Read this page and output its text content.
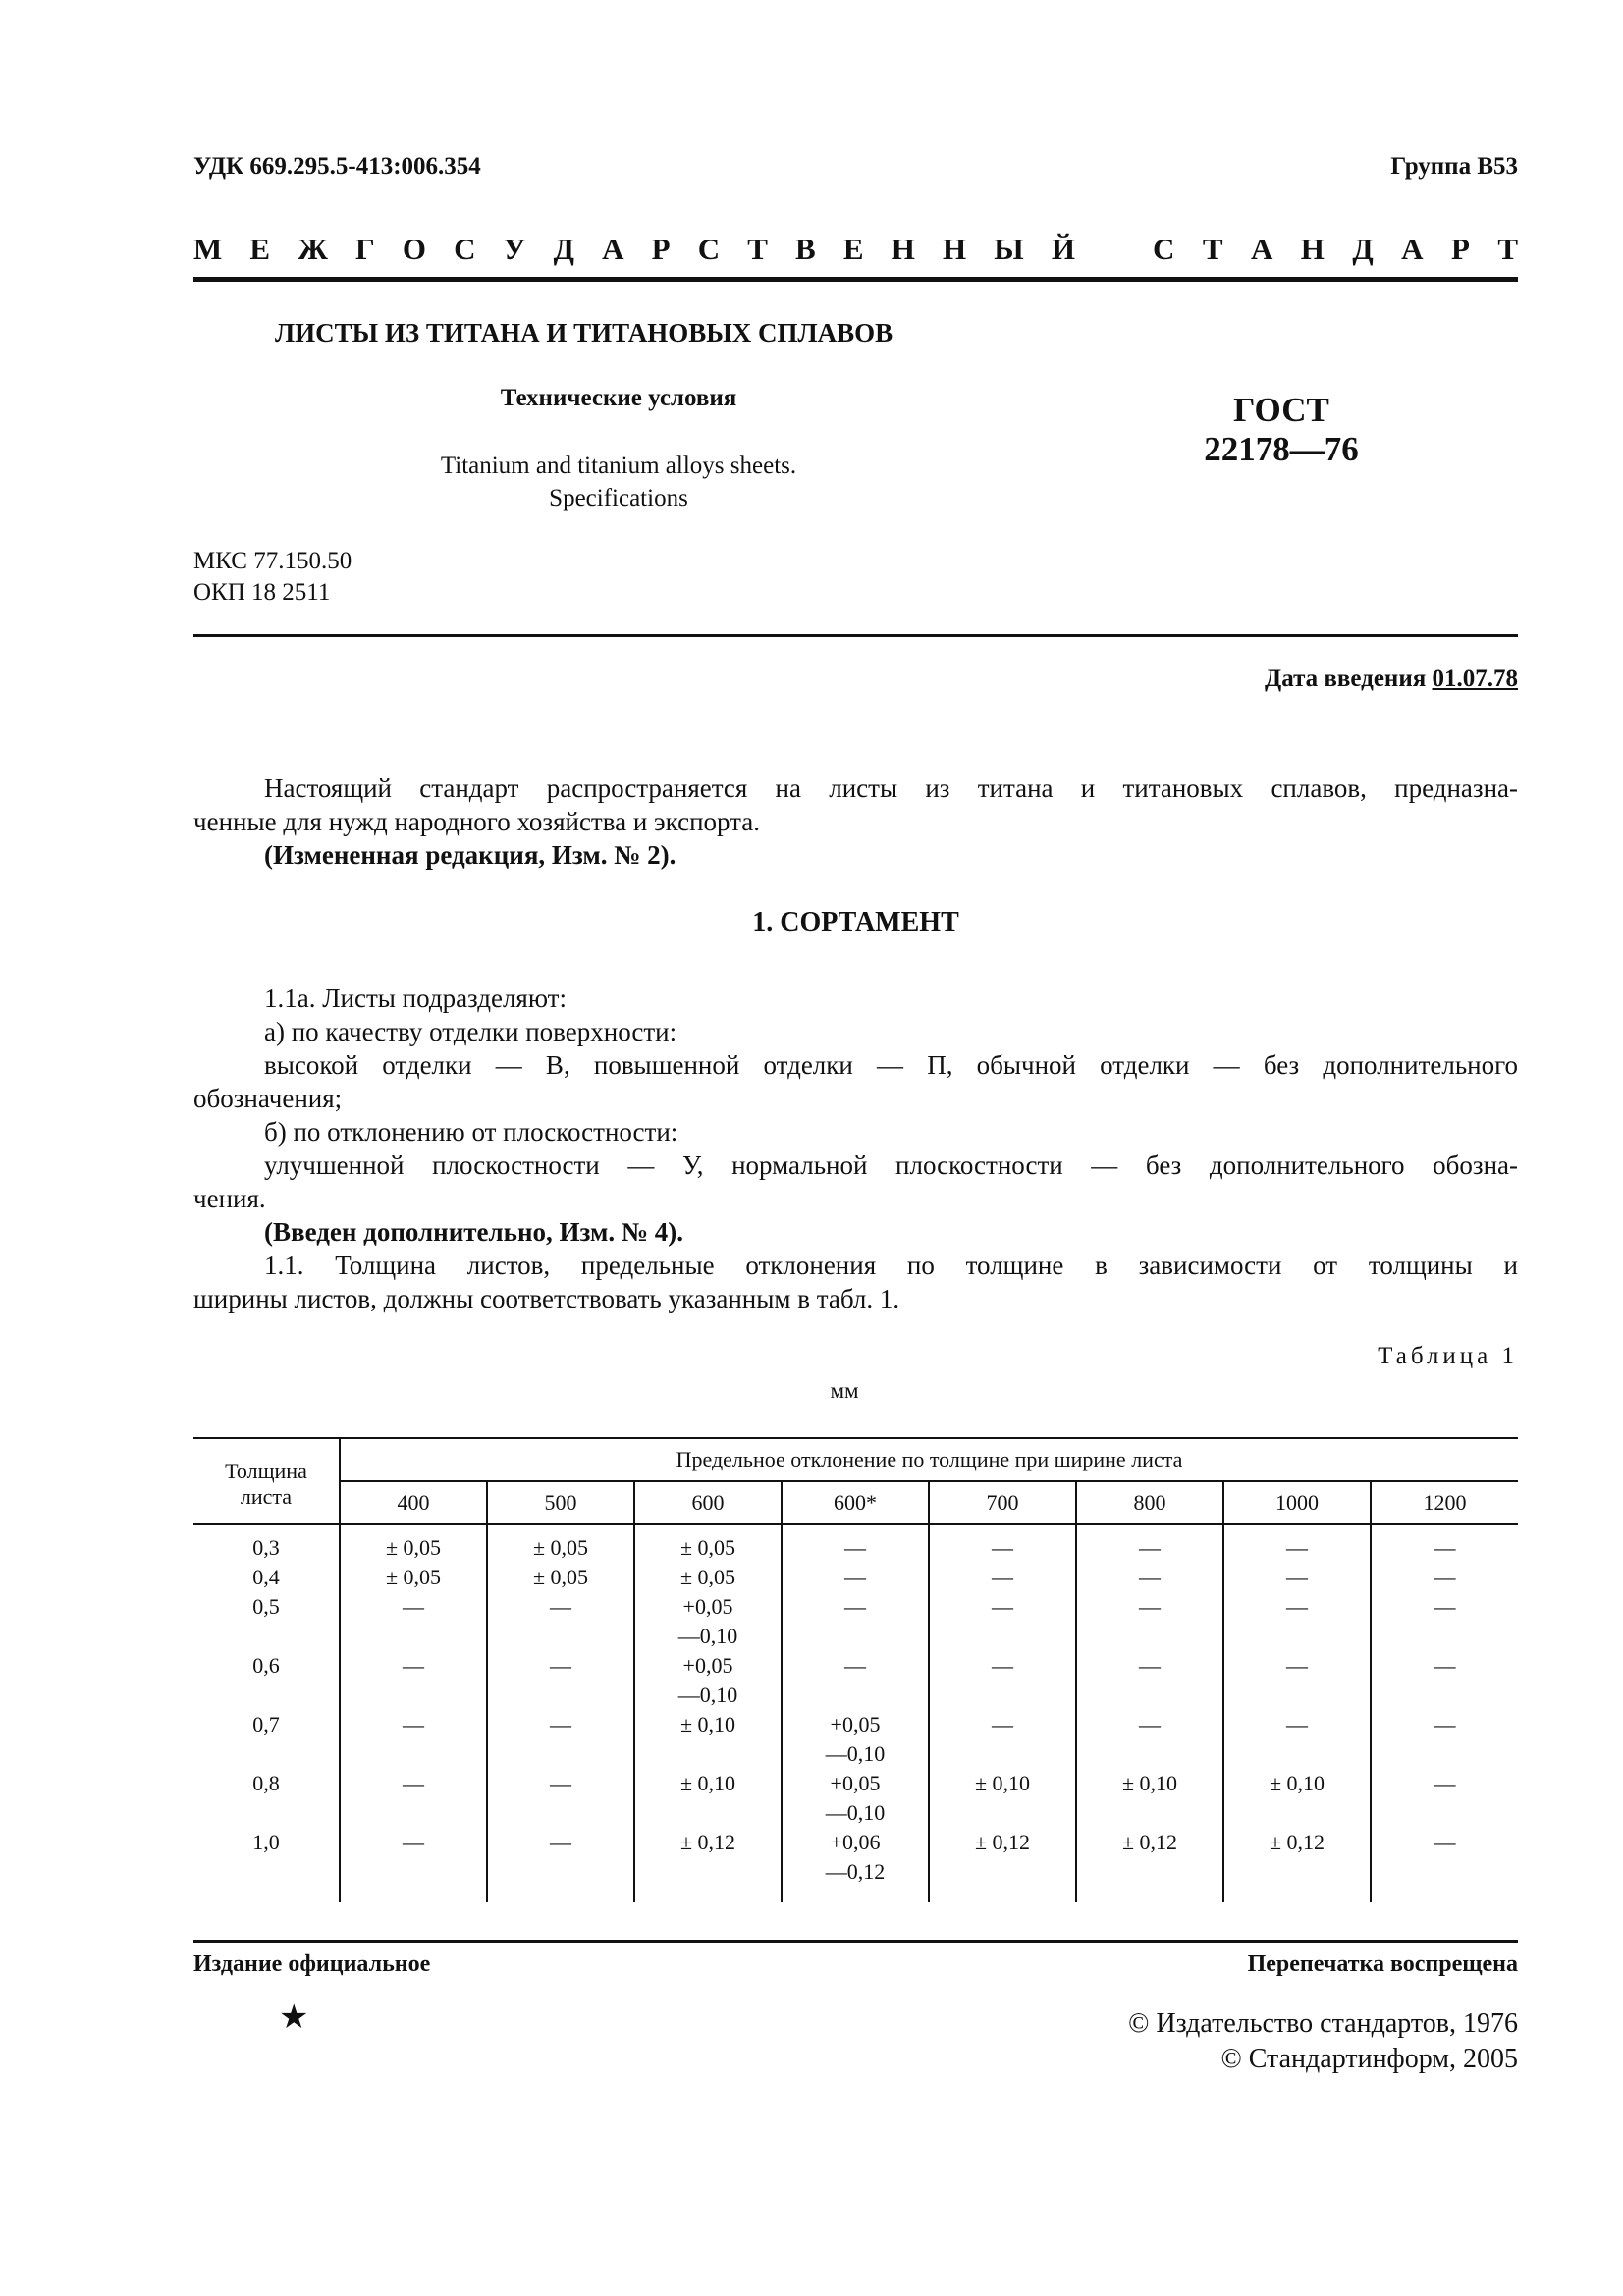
УДК 669.295.5-413:006.354	Группа В53
М Е Ж Г О С У Д А Р С Т В Е Н Н Ы Й	С Т А Н Д А Р Т
ЛИСТЫ ИЗ ТИТАНА И ТИТАНОВЫХ СПЛАВОВ
Технические условия
Titanium and titanium alloys sheets.
Specifications
ГОСТ
22178—76
МКС 77.150.50
ОКП 18 2511
Дата введения 01.07.78
Настоящий стандарт распространяется на листы из титана и титановых сплавов, предназна-
ченные для нужд народного хозяйства и экспорта.
(Измененная редакция, Изм. № 2).
1. СОРТАМЕНТ
1.1а. Листы подразделяют:
а) по качеству отделки поверхности:
высокой отделки — В, повышенной отделки — П, обычной отделки — без дополнительного
обозначения;
б) по отклонению от плоскостности:
улучшенной плоскостности — У, нормальной плоскостности — без дополнительного обозна-
чения.
(Введен дополнительно, Изм. № 4).
1.1. Толщина листов, предельные отклонения по толщине в зависимости от толщины и
ширины листов, должны соответствовать указанным в табл. 1.
Таблица 1
мм
Толщина
листа	Предельное отклонение по толщине при ширине листа							
	400	500	600	600*	700	800	1000	1200
0,3	± 0,05	± 0,05	± 0,05	—	—	—	—	—

0,4	± 0,05	± 0,05	± 0,05	—	—	—	—	—

0,5	—	—	+0,05
—0,10	—	—	—	—	—

0,6	—	—	+0,05
—0,10	—	—	—	—	—

0,7	—	—	± 0,10	+0,05
—0,10	—	—	—	—

0,8	—	—	± 0,10	+0,05
—0,10	± 0,10	± 0,10	± 0,10	—

1,0	—	—	± 0,12	+0,06
—0,12	± 0,12	± 0,12	± 0,12	—

Издание официальное	Перепечатка воспрещена
★	© Издательство стандартов, 1976
© Стандартинформ, 2005
